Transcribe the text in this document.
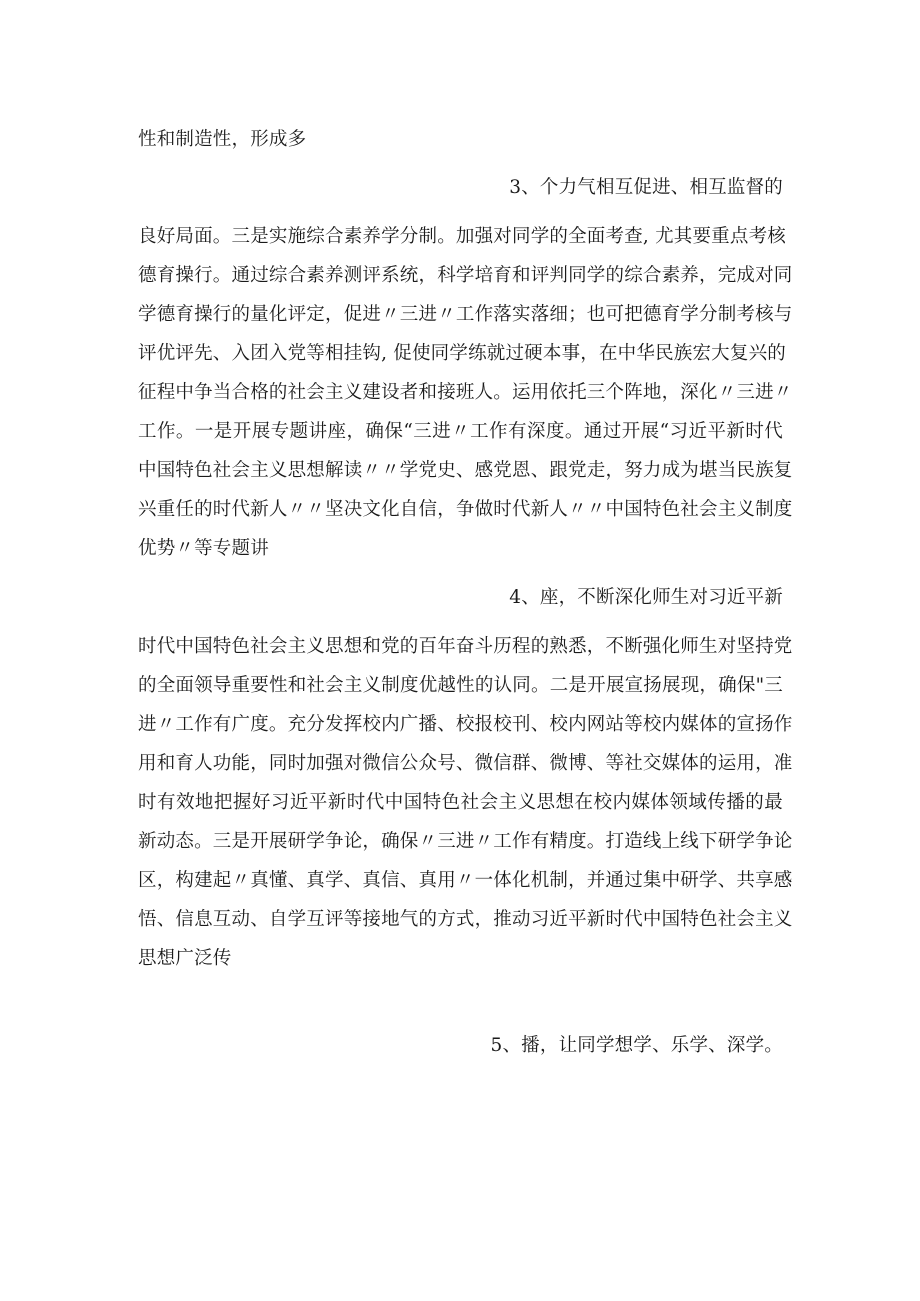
性和制造性，形成多
3、个力气相互促进、相互监督的
良好局面。三是实施综合素养学分制。加强对同学的全面考查, 尤其要重点考核
德育操行。通过综合素养测评系统，科学培育和评判同学的综合素养，完成对同
学德育操行的量化评定，促进〃三进〃工作落实落细；也可把德育学分制考核与
评优评先、入团入党等相挂钩, 促使同学练就过硬本事，在中华民族宏大复兴的
征程中争当合格的社会主义建设者和接班人。运用依托三个阵地，深化〃三进〃
工作。一是开展专题讲座，确保“三进〃工作有深度。通过开展“习近平新时代
中国特色社会主义思想解读〃〃学党史、感党恩、跟党走，努力成为堪当民族复
兴重任的时代新人〃〃坚决文化自信，争做时代新人〃〃中国特色社会主义制度
优势〃等专题讲
4、座，不断深化师生对习近平新
时代中国特色社会主义思想和党的百年奋斗历程的熟悉，不断强化师生对坚持党
的全面领导重要性和社会主义制度优越性的认同。二是开展宣扬展现，确保"三
进〃工作有广度。充分发挥校内广播、校报校刊、校内网站等校内媒体的宣扬作
用和育人功能，同时加强对微信公众号、微信群、微博、等社交媒体的运用，准
时有效地把握好习近平新时代中国特色社会主义思想在校内媒体领域传播的最
新动态。三是开展研学争论，确保〃三进〃工作有精度。打造线上线下研学争论
区，构建起〃真懂、真学、真信、真用〃一体化机制，并通过集中研学、共享感
悟、信息互动、自学互评等接地气的方式，推动习近平新时代中国特色社会主义
思想广泛传
5、播，让同学想学、乐学、深学。
